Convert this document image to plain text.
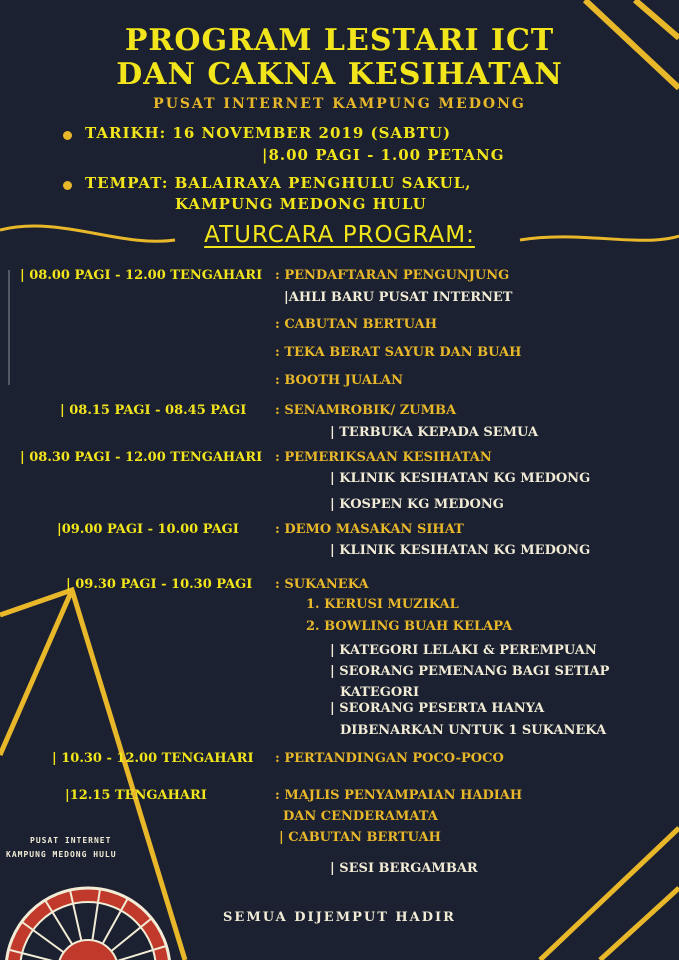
PROGRAM LESTARI ICT
DAN CAKNA KESIHATAN
PUSAT INTERNET KAMPUNG MEDONG
TARIKH: 16 NOVEMBER 2019 (SABTU)
|8.00 PAGI - 1.00 PETANG
TEMPAT: BALAIRAYA PENGHULU SAKUL,
KAMPUNG MEDONG HULU
ATURCARA PROGRAM:
| 08.00 PAGI - 12.00 TENGAHARI : PENDAFTARAN PENGUNJUNG
|AHLI BARU PUSAT INTERNET
: CABUTAN BERTUAH
: TEKA BERAT SAYUR DAN BUAH
: BOOTH JUALAN
| 08.15 PAGI - 08.45 PAGI : SENAMROBIK/ ZUMBA
| TERBUKA KEPADA SEMUA
| 08.30 PAGI - 12.00 TENGAHARI : PEMERIKSAAN KESIHATAN
| KLINIK KESIHATAN KG MEDONG
| KOSPEN KG MEDONG
|09.00 PAGI - 10.00 PAGI	: DEMO MASAKAN SIHAT
| KLINIK KESIHATAN KG MEDONG
| 09.30 PAGI - 10.30 PAGI : SUKANEKA
1. KERUSI MUZIKAL
2. BOWLING BUAH KELAPA
| KATEGORI LELAKI & PEREMPUAN
| SEORANG PEMENANG BAGI SETIAP
KATEGORI
| SEORANG PESERTA HANYA
DIBENARKAN UNTUK 1 SUKANEKA
| 10.30 - 12.00 TENGAHARI : PERTANDINGAN POCO-POCO
|12.15 TENGAHARI	: MAJLIS PENYAMPAIAN HADIAH
DAN CENDERAMATA
| CABUTAN BERTUAH
| SESI BERGAMBAR
PUSAT INTERNET
KAMPUNG MEDONG HULU
SEMUA DIJEMPUT HADIR
